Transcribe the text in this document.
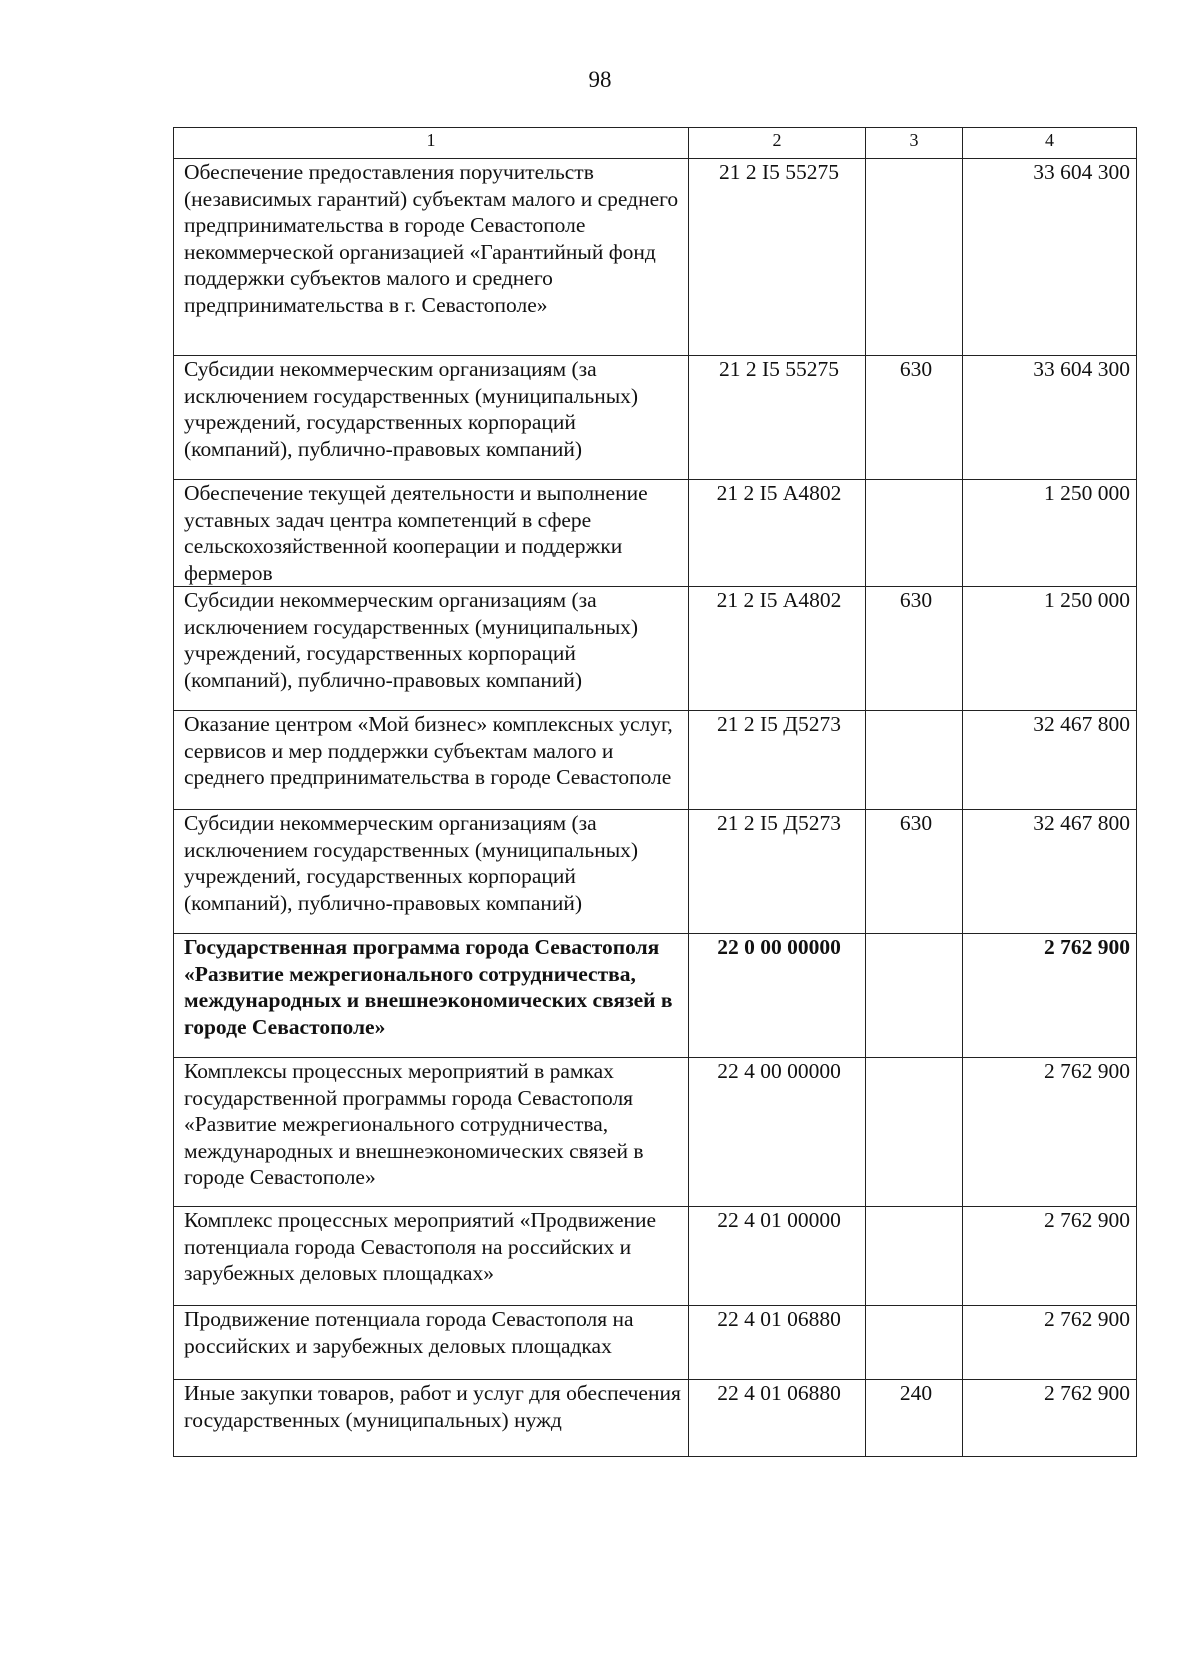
98
1	2	3	4
Обеспечение предоставления поручительств (независимых гарантий) субъектам малого и среднего предпринимательства в городе Севастополе некоммерческой организацией «Гарантийный фонд поддержки субъектов малого и среднего предпринимательства в г. Севастополе»	21 2 I5 55275		33 604 300
Субсидии некоммерческим организациям (за исключением государственных (муниципальных) учреждений, государственных корпораций (компаний), публично-правовых компаний)	21 2 I5 55275	630	33 604 300
Обеспечение текущей деятельности и выполнение уставных задач центра компетенций в сфере сельскохозяйственной кооперации и поддержки фермеров	21 2 I5 А4802		1 250 000
Субсидии некоммерческим организациям (за исключением государственных (муниципальных) учреждений, государственных корпораций (компаний), публично-правовых компаний)	21 2 I5 А4802	630	1 250 000
Оказание центром «Мой бизнес» комплексных услуг, сервисов и мер поддержки субъектам малого и среднего предпринимательства в городе Севастополе	21 2 I5 Д5273		32 467 800
Субсидии некоммерческим организациям (за исключением государственных (муниципальных) учреждений, государственных корпораций (компаний), публично-правовых компаний)	21 2 I5 Д5273	630	32 467 800
Государственная программа города Севастополя «Развитие межрегионального сотрудничества, международных и внешнеэкономических связей в городе Севастополе»	22 0 00 00000		2 762 900
Комплексы процессных мероприятий в рамках государственной программы города Севастополя «Развитие межрегионального сотрудничества, международных и внешнеэкономических связей в городе Севастополе»	22 4 00 00000		2 762 900
Комплекс процессных мероприятий «Продвижение потенциала города Севастополя на российских и зарубежных деловых площадках»	22 4 01 00000		2 762 900
Продвижение потенциала города Севастополя на российских и зарубежных деловых площадках	22 4 01 06880		2 762 900
Иные закупки товаров, работ и услуг для обеспечения государственных (муниципальных) нужд	22 4 01 06880	240	2 762 900
